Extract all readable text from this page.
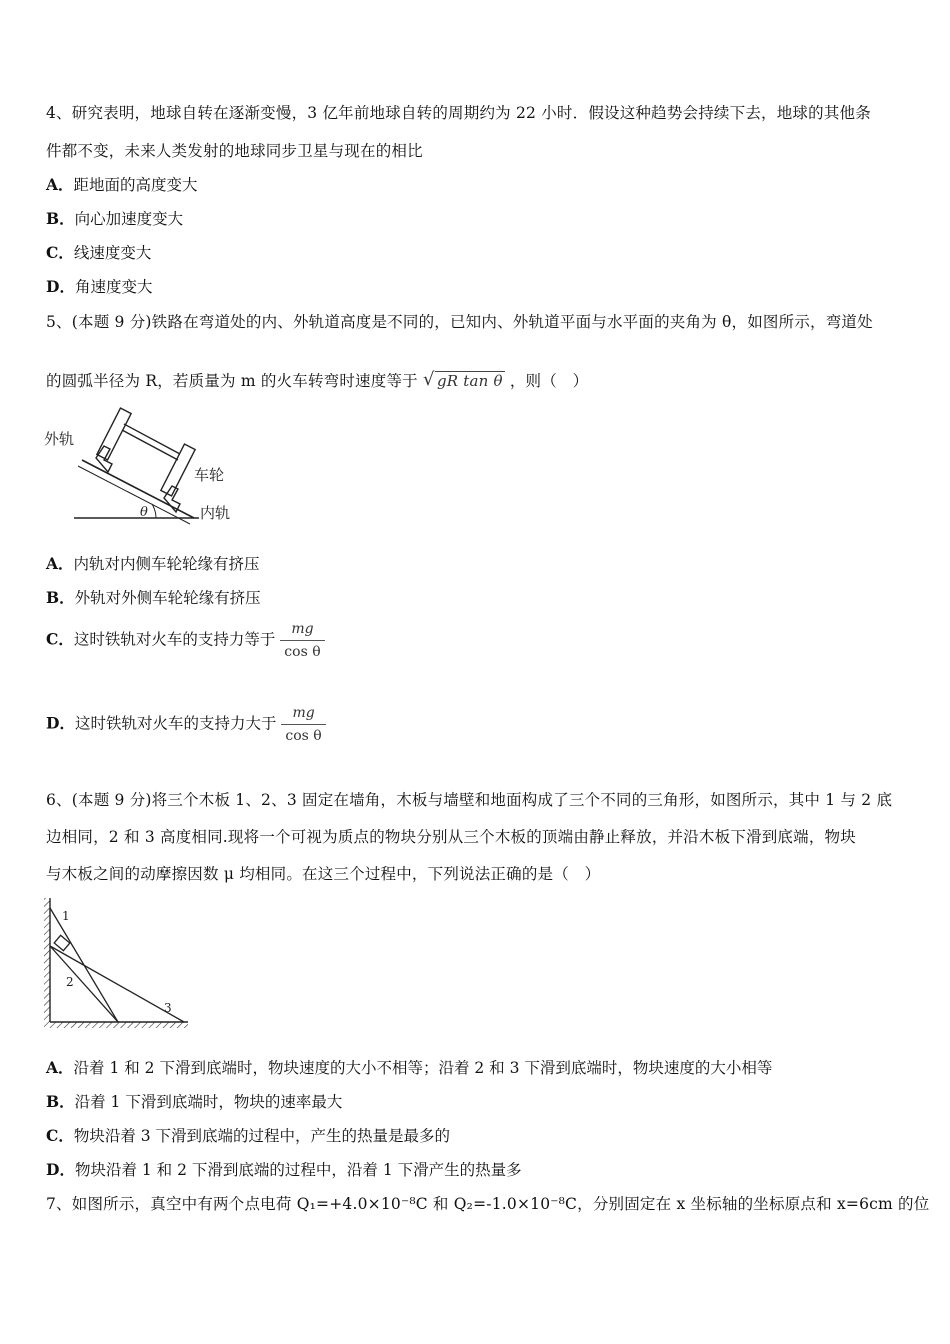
4、研究表明，地球自转在逐渐变慢，3 亿年前地球自转的周期约为 22 小时．假设这种趋势会持续下去，地球的其他条
件都不变，未来人类发射的地球同步卫星与现在的相比
A．距地面的高度变大
B．向心加速度变大
C．线速度变大
D．角速度变大
5、(本题 9 分)铁路在弯道处的内、外轨道高度是不同的，已知内、外轨道平面与水平面的夹角为 θ，如图所示，弯道处
的圆弧半径为 R，若质量为 m 的火车转弯时速度等于 √ gR tan θ ，则（　）
外轨
车轮
内轨
θ
A．内轨对内侧车轮轮缘有挤压
B．外轨对外侧车轮轮缘有挤压
C．这时铁轨对火车的支持力等于 $\frac{mg}{\text{cos θ}}$
D．这时铁轨对火车的支持力大于 $\frac{mg}{\text{cos θ}}$
6、(本题 9 分)将三个木板 1、2、3 固定在墙角，木板与墙壁和地面构成了三个不同的三角形，如图所示，其中 1 与 2 底
边相同，2 和 3 高度相同.现将一个可视为质点的物块分别从三个木板的顶端由静止释放，并沿木板下滑到底端，物块
与木板之间的动摩擦因数 μ 均相同。在这三个过程中，下列说法正确的是（　）
1
2
3
A．沿着 1 和 2 下滑到底端时，物块速度的大小不相等；沿着 2 和 3 下滑到底端时，物块速度的大小相等
B．沿着 1 下滑到底端时，物块的速率最大
C．物块沿着 3 下滑到底端的过程中，产生的热量是最多的
D．物块沿着 1 和 2 下滑到底端的过程中，沿着 1 下滑产生的热量多
7、如图所示，真空中有两个点电荷 Q₁=+4.0×10⁻⁸C 和 Q₂=-1.0×10⁻⁸C，分别固定在 x 坐标轴的坐标原点和 x=6cm 的位
